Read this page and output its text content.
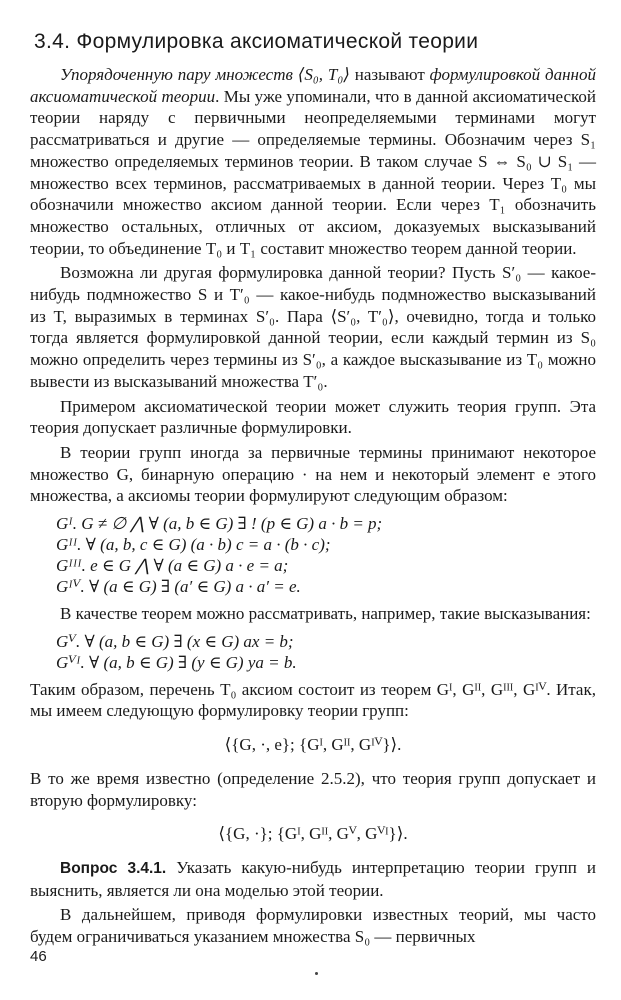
3.4. Формулировка аксиоматической теории

Упорядоченную пару множеств ⟨S₀, T₀⟩ называют формулировкой данной аксиоматической теории. Мы уже упоминали, что в данной аксиоматической теории наряду с первичными неопределяемыми терминами могут рассматриваться и другие — определяемые термины. Обозначим через S₁ множество определяемых терминов теории. В таком случае S ⇔ S₀ ∪ S₁ — множество всех терминов, рассматриваемых в данной теории. Через T₀ мы обозначили множество аксиом данной теории. Если через T₁ обозначить множество остальных, отличных от аксиом, доказуемых высказываний теории, то объединение T₀ и T₁ составит множество теорем данной теории.

Возможна ли другая формулировка данной теории? Пусть S′₀ — какое-нибудь подмножество S и T′₀ — какое-нибудь подмножество высказываний из T, выразимых в терминах S′₀. Пара ⟨S′₀, T′₀⟩, очевидно, тогда и только тогда является формулировкой данной теории, если каждый термин из S₀ можно определить через термины из S′₀, а каждое высказывание из T₀ можно вывести из высказываний множества T′₀.

Примером аксиоматической теории может служить теория групп. Эта теория допускает различные формулировки.

В теории групп иногда за первичные термины принимают некоторое множество G, бинарную операцию · на нем и некоторый элемент e этого множества, а аксиомы теории формулируют следующим образом:

Gᴵ. G ≠ ∅ ⋀ ∀ (a, b ∈ G) ∃ ! (p ∈ G) a · b = p;
Gᴵᴵ. ∀ (a, b, c ∈ G) (a · b) c = a · (b · c);
Gᴵᴵᴵ. e ∈ G ⋀ ∀ (a ∈ G) a · e = a;
Gᴵⱽ. ∀ (a ∈ G) ∃ (a′ ∈ G) a · a′ = e.

В качестве теорем можно рассматривать, например, такие высказывания:

Gⱽ. ∀ (a, b ∈ G) ∃ (x ∈ G) ax = b;
Gⱽᴵ. ∀ (a, b ∈ G) ∃ (y ∈ G) ya = b.

Таким образом, перечень T₀ аксиом состоит из теорем Gᴵ, Gᴵᴵ, Gᴵᴵᴵ, Gᴵⱽ. Итак, мы имеем следующую формулировку теории групп:

⟨{G, ·, e}; {Gᴵ, Gᴵᴵ, Gᴵⱽ}⟩.

В то же время известно (определение 2.5.2), что теория групп допускает и вторую формулировку:

⟨{G, ·}; {Gᴵ, Gᴵᴵ, Gⱽ, Gⱽᴵ}⟩.

Вопрос 3.4.1. Указать какую-нибудь интерпретацию теории групп и выяснить, является ли она моделью этой теории.

В дальнейшем, приводя формулировки известных теорий, мы часто будем ограничиваться указанием множества S₀ — первичных

46
